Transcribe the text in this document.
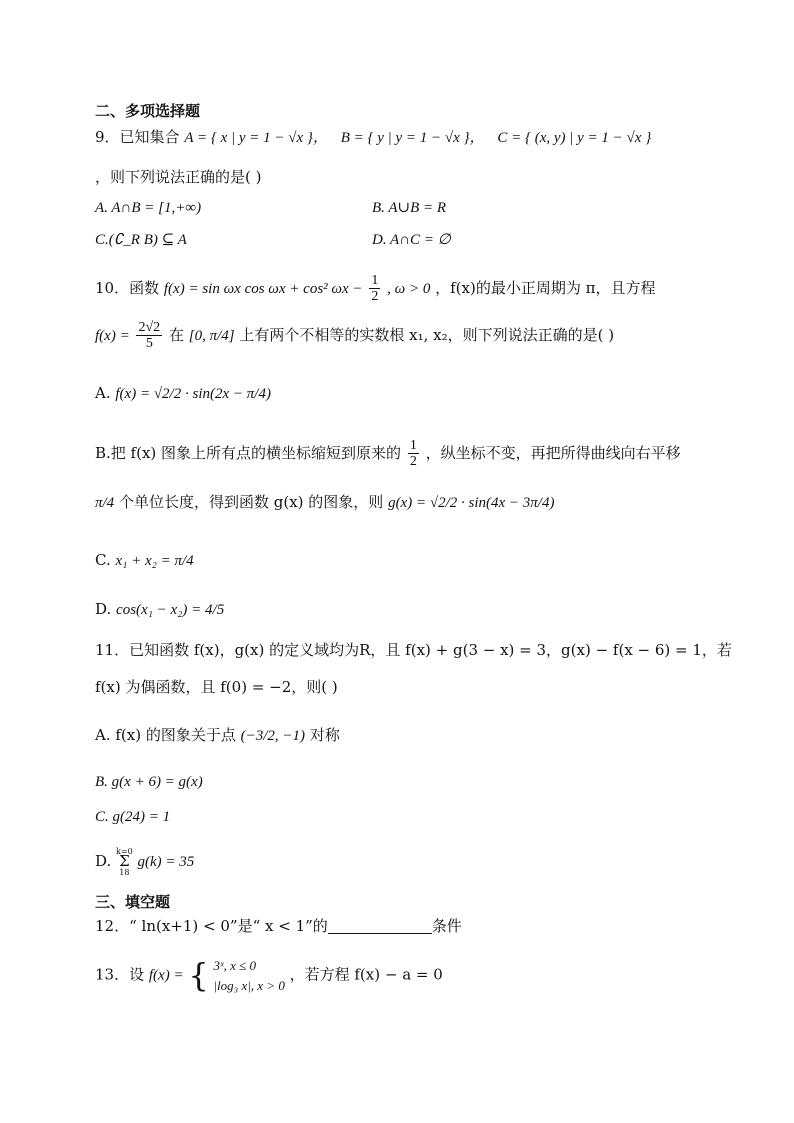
二、多项选择题
9．已知集合 A = { x | y = 1 − √x }， B = { y | y = 1 − √x }， C = { (x, y) | y = 1 − √x }
，则下列说法正确的是( )
A. A∩B = [1,+∞)	B. A∪B = R
C.(∁_R B) ⊆ A	D. A∩C = ∅
10．函数 f(x) = sin ωx cos ωx + cos² $\omega x - \frac{1}{2}$ , ω > 0 ，f(x)的最小正周期为 π，且方程
$f(x) = \frac{2√2}{5}$ 在 [0, π/4] 上有两个不相等的实数根 x₁, x₂，则下列说法正确的是( )
A. f(x) = √2/2 · sin(2x − π/4)
B.把 f(x) 图象上所有点的横坐标缩短到原来的 $\frac{1}{2}$ ，纵坐标不变，再把所得曲线向右平移
π/4 个单位长度，得到函数 g(x) 的图象，则 g(x) = √2/2 · sin(4x − 3π/4)
C. x₁ + x₂ = π/4
D. cos(x₁ − x₂) = 4/5
11．已知函数 f(x)，g(x) 的定义域均为R，且 f(x) + g(3 − x) = 3，g(x) − f(x − 6) = 1，若
f(x) 为偶函数，且 f(0) = −2，则( )
A. f(x) 的图象关于点 (−3/2, −1) 对称
B. g(x + 6) = g(x)
C. g(24) = 1
D.
k=0
Σ
18
g(k) = 35
三、填空题
12．“ ln(x+1) < 0”是“ x < 1”的	条件
13．设 f(x) = { 3ˣ, x ≤ 0
|log₃ x|, x > 0
，若方程 f(x) − a = 0
